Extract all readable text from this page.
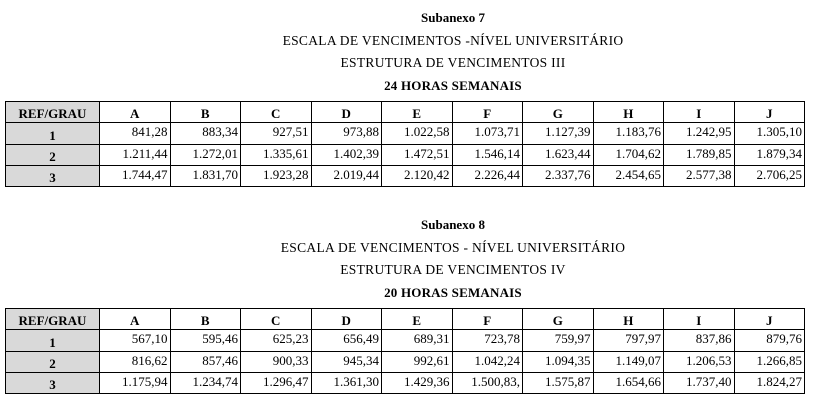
Subanexo 7
ESCALA DE VENCIMENTOS -NÍVEL UNIVERSITÁRIO
ESTRUTURA DE VENCIMENTOS III
24 HORAS SEMANAIS
REF/GRAU	A	B	C	D	E	F	G	H	I	J
1	841,28	883,34	927,51	973,88	1.022,58	1.073,71	1.127,39	1.183,76	1.242,95	1.305,10
2	1.211,44	1.272,01	1.335,61	1.402,39	1.472,51	1.546,14	1.623,44	1.704,62	1.789,85	1.879,34
3	1.744,47	1.831,70	1.923,28	2.019,44	2.120,42	2.226,44	2.337,76	2.454,65	2.577,38	2.706,25
Subanexo 8
ESCALA DE VENCIMENTOS - NÍVEL UNIVERSITÁRIO
ESTRUTURA DE VENCIMENTOS IV
20 HORAS SEMANAIS
REF/GRAU	A	B	C	D	E	F	G	H	I	J
1	567,10	595,46	625,23	656,49	689,31	723,78	759,97	797,97	837,86	879,76
2	816,62	857,46	900,33	945,34	992,61	1.042,24	1.094,35	1.149,07	1.206,53	1.266,85
3	1.175,94	1.234,74	1.296,47	1.361,30	1.429,36	1.500,83,	1.575,87	1.654,66	1.737,40	1.824,27
